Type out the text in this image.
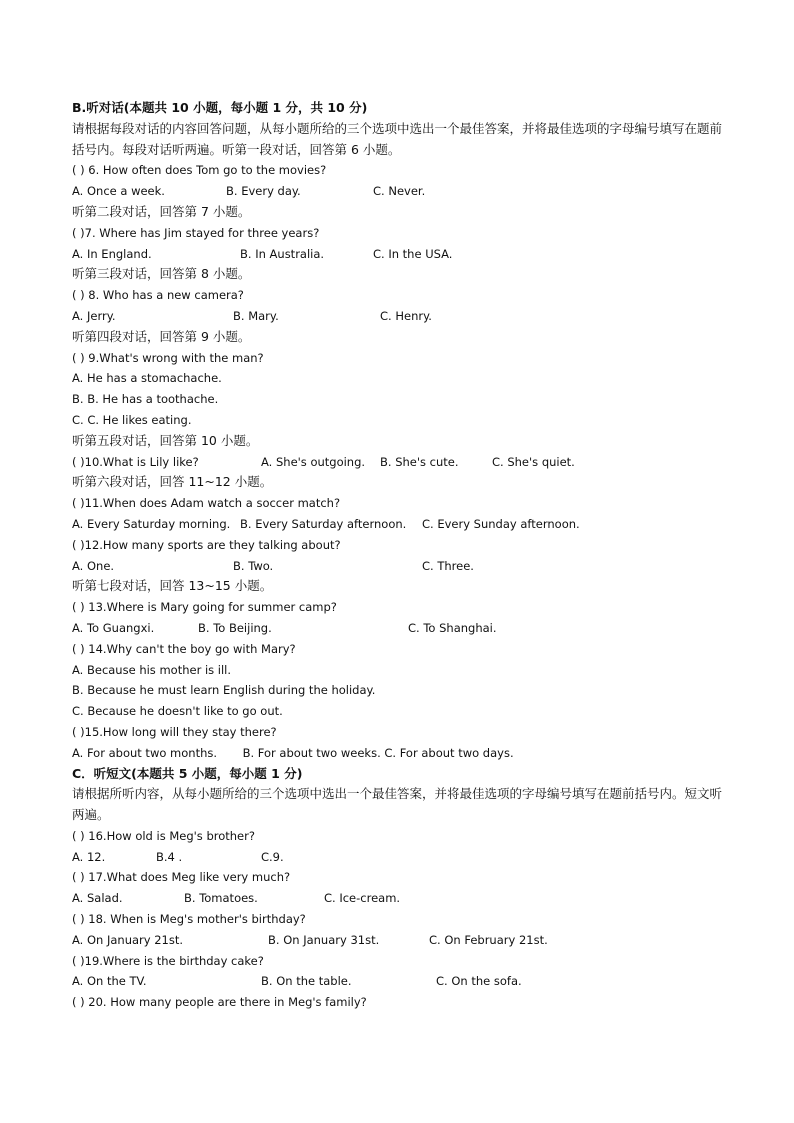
B.听对话(本题共 10 小题，每小题 1 分，共 10 分)
请根据每段对话的内容回答问题，从每小题所给的三个选项中选出一个最佳答案，并将最佳选项的字母编号填写在题前括号内。每段对话听两遍。听第一段对话，回答第 6 小题。
( ) 6. How often does Tom go to the movies?
A. Once a week.	B. Every day.	C. Never.
听第二段对话，回答第 7 小题。
( )7. Where has Jim stayed for three years?
A. In England.	B. In Australia.	C. In the USA.
听第三段对话，回答第 8 小题。
( ) 8. Who has a new camera?
A. Jerry.	B. Mary.	C. Henry.
听第四段对话，回答第 9 小题。
( ) 9.What's wrong with the man?
A. He has a stomachache.
B. B. He has a toothache.
C. C. He likes eating.
听第五段对话，回答第 10 小题。
( )10.What is Lily like?	A. She's outgoing. B. She's cute.	C. She's quiet.
听第六段对话，回答 11~12 小题。
( )11.When does Adam watch a soccer match?
A. Every Saturday morning. B. Every Saturday afternoon. C. Every Sunday afternoon.
( )12.How many sports are they talking about?
A. One.	B. Two.	C. Three.
听第七段对话，回答 13~15 小题。
( ) 13.Where is Mary going for summer camp?
A. To Guangxi.	B. To Beijing.	C. To Shanghai.
( ) 14.Why can't the boy go with Mary?
A. Because his mother is ill.
B. Because he must learn English during the holiday.
C. Because he doesn't like to go out.
( )15.How long will they stay there?
A. For about two months.       B. For about two weeks. C. For about two days.
C．听短文(本题共 5 小题，每小题 1 分)
请根据所听内容，从每小题所给的三个选项中选出一个最佳答案，并将最佳选项的字母编号填写在题前括号内。短文听两遍。
( ) 16.How old is Meg's brother?
A. 12.	B.4 .	C.9.
( ) 17.What does Meg like very much?
A. Salad.	B. Tomatoes.	C. Ice-cream.
( ) 18. When is Meg's mother's birthday?
A. On January 21st.	B. On January 31st.	C. On February 21st.
( )19.Where is the birthday cake?
A. On the TV.	B. On the table.	C. On the sofa.
( ) 20. How many people are there in Meg's family?
